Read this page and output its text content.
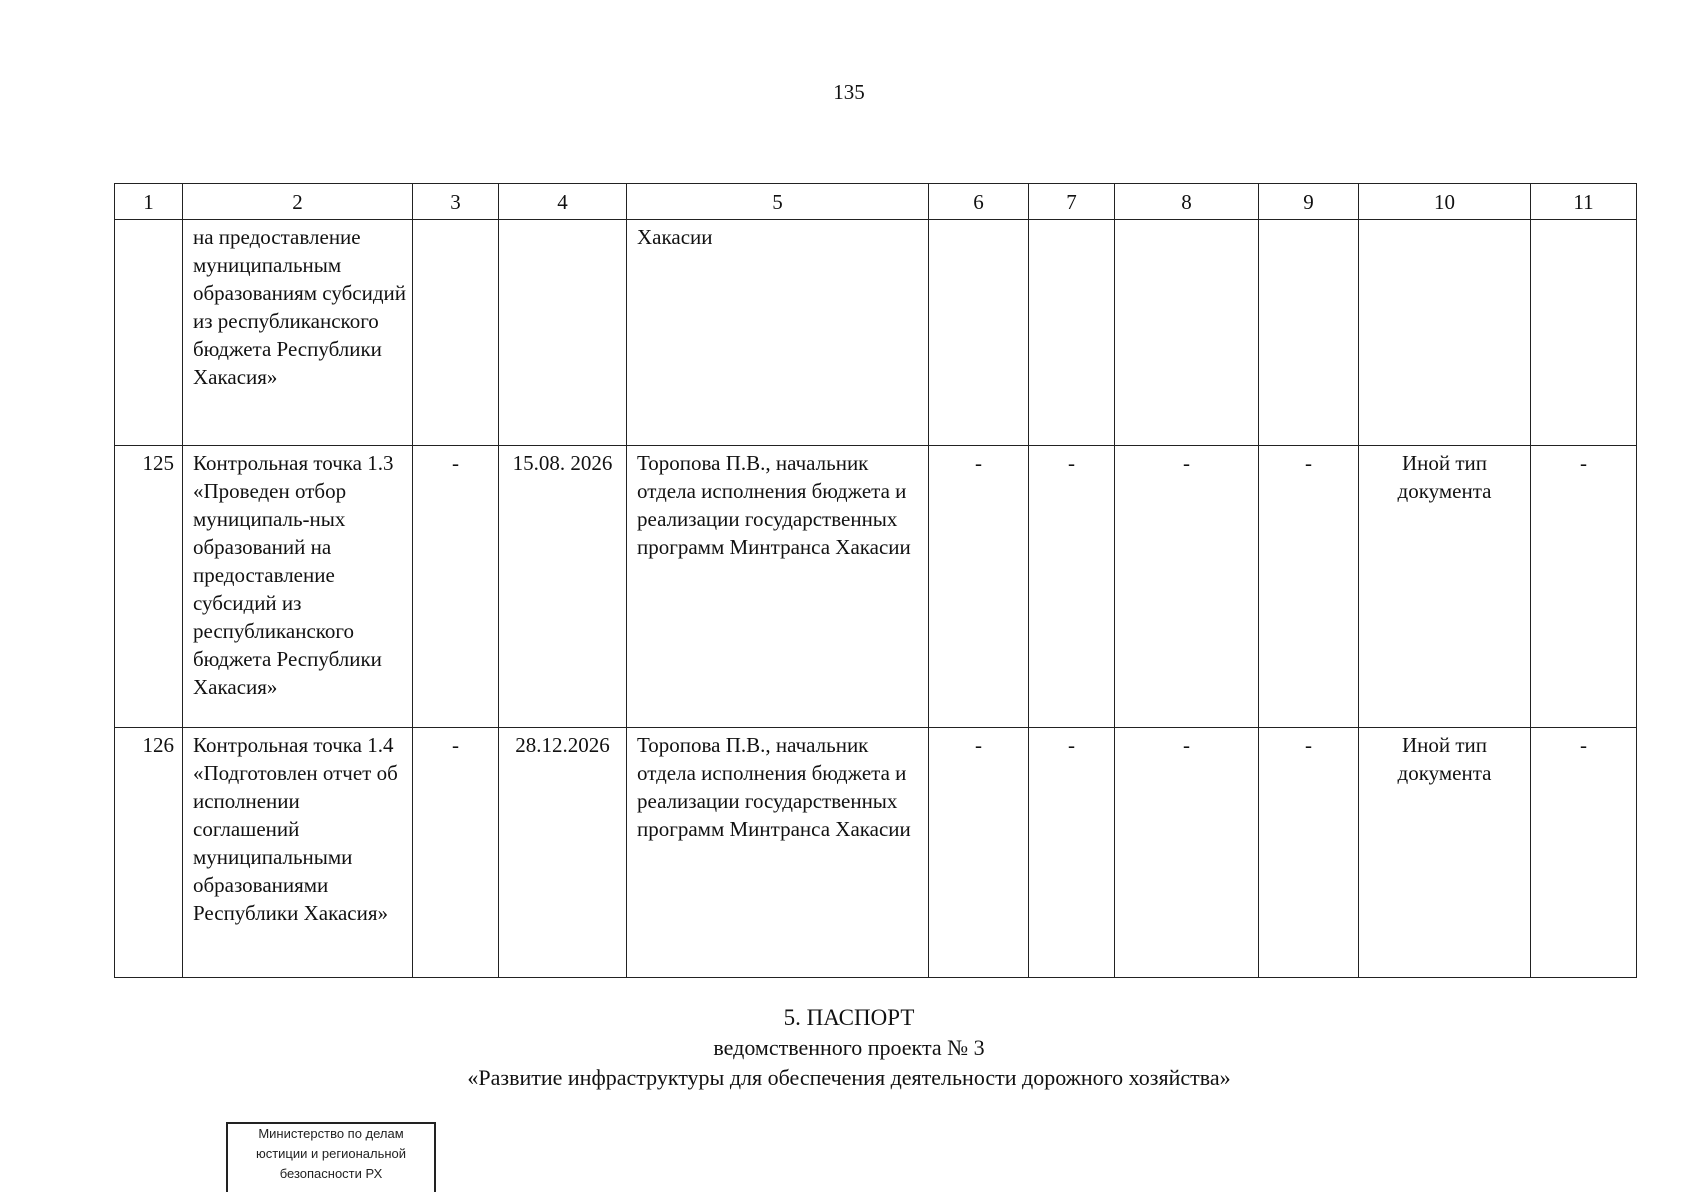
135
1	2	3	4	5	6	7	8	9	10	11
	на предоставление муниципальным образованиям субсидий из республиканского бюджета Республики Хакасия»			Хакасии						
125	Контрольная точка 1.3 «Проведен отбор муниципаль-ных образований на предоставление субсидий из республиканского бюджета Республики Хакасия»	-	15.08. 2026	Торопова П.В., начальник отдела исполнения бюджета и реализации государственных программ Минтранса Хакасии	-	-	-	-	Иной тип документа	-
126	Контрольная точка 1.4 «Подготовлен отчет об исполнении соглашений муниципальными образованиями Республики Хакасия»	-	28.12.2026	Торопова П.В., начальник отдела исполнения бюджета и реализации государственных программ Минтранса Хакасии	-	-	-	-	Иной тип документа	-
5. ПАСПОРТ
ведомственного проекта № 3
«Развитие инфраструктуры для обеспечения деятельности дорожного хозяйства»
Министерство по делам
юстиции и региональной
безопасности РХ
